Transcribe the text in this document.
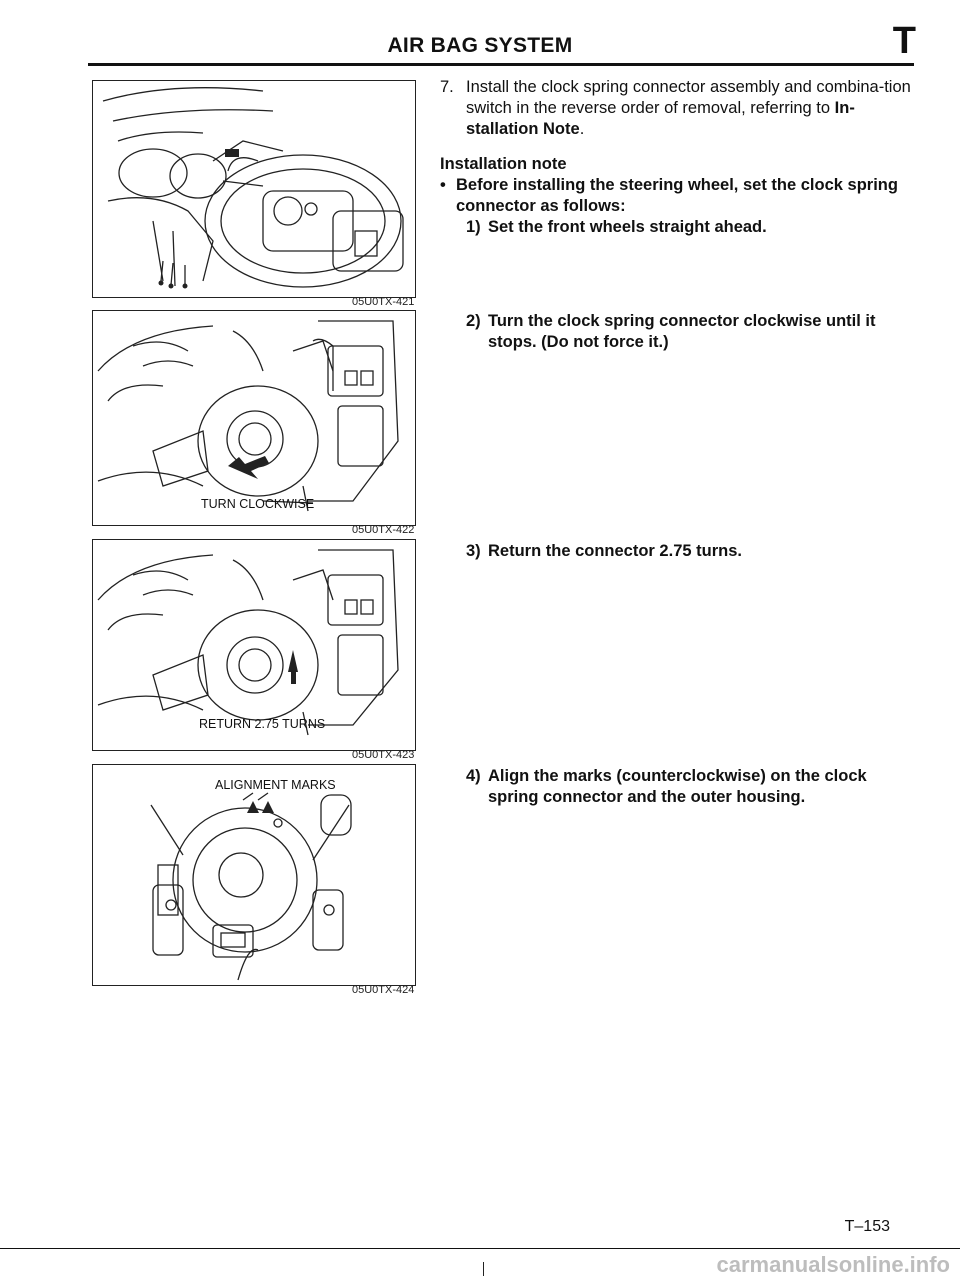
AIR BAG SYSTEM	T
05U0TX-421
TURN CLOCKWISE
05U0TX-422
RETURN 2.75 TURNS
05U0TX-423
ALIGNMENT MARKS
05U0TX-424
7. Install the clock spring connector assembly and combina-tion switch in the reverse order of removal, referring to In-stallation Note.
Installation note
• Before installing the steering wheel, set the clock spring connector as follows:
1) Set the front wheels straight ahead.
2) Turn the clock spring connector clockwise until it stops. (Do not force it.)
3) Return the connector 2.75 turns.
4) Align the marks (counterclockwise) on the clock spring connector and the outer housing.
T–153
carmanualsonline.info
